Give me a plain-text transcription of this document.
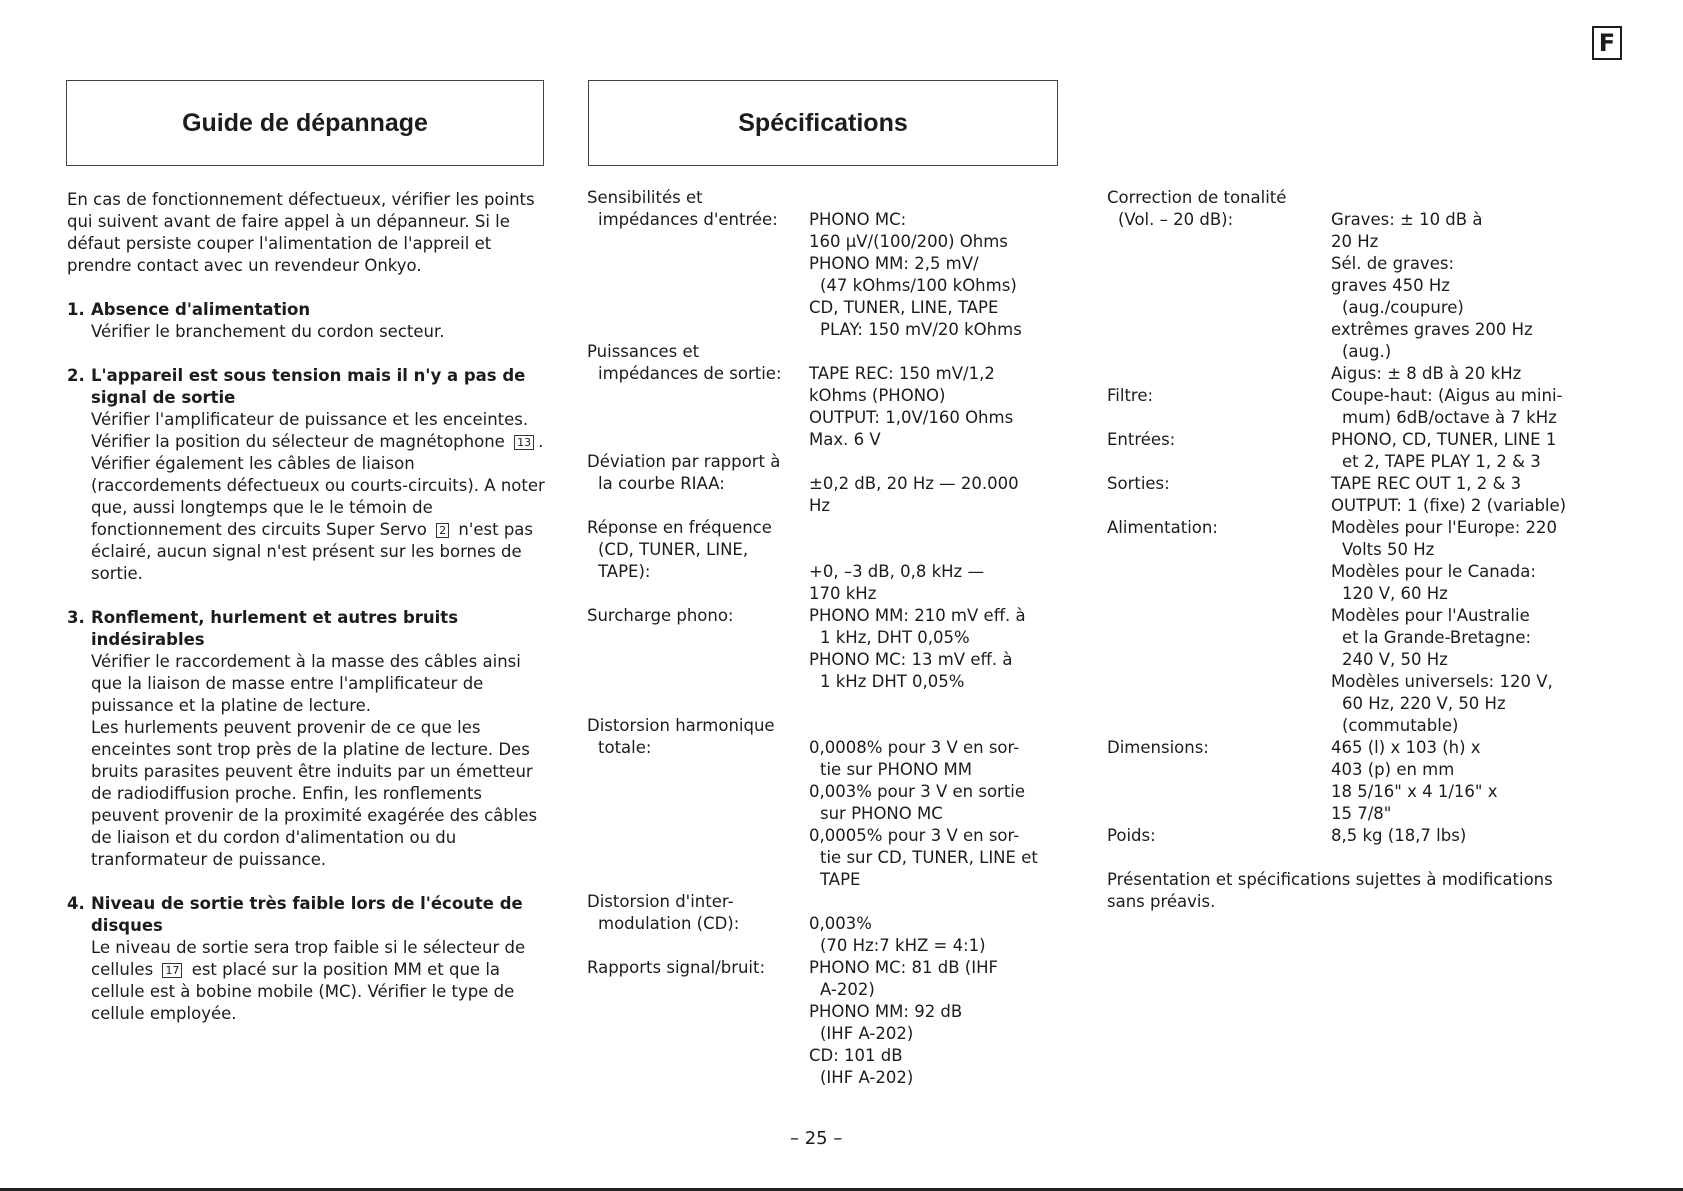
F
Guide de dépannage	Spécifications

En cas de fonctionnement défectueux, vérifier les points qui suivent avant de faire appel à un dépanneur. Si le défaut persiste couper l'alimentation de l'appreil et prendre contact avec un revendeur Onkyo.

1. Absence d'alimentation
Vérifier le branchement du cordon secteur.
2. L'appareil est sous tension mais il n'y a pas de signal de sortie
Vérifier l'amplificateur de puissance et les enceintes.
Vérifier la position du sélecteur de magnétophone 13 . Vérifier également les câbles de liaison (raccordements défectueux ou courts-circuits). A noter que, aussi longtemps que le le témoin de fonctionnement des circuits Super Servo 2 n'est pas éclairé, aucun signal n'est présent sur les bornes de sortie.
3. Ronflement, hurlement et autres bruits indésirables
Vérifier le raccordement à la masse des câbles ainsi que la liaison de masse entre l'amplificateur de puissance et la platine de lecture.
Les hurlements peuvent provenir de ce que les enceintes sont trop près de la platine de lecture. Des bruits parasites peuvent être induits par un émetteur de radiodiffusion proche. Enfin, les ronflements peuvent provenir de la proximité exagérée des câbles de liaison et du cordon d'alimentation ou du tranformateur de puissance.
4. Niveau de sortie très faible lors de l'écoute de disques
Le niveau de sortie sera trop faible si le sélecteur de cellules 17 est placé sur la position MM et que la cellule est à bobine mobile (MC). Vérifier le type de cellule employée.
Sensibilités et
impédances d'entrée:	PHONO MC:
160 µV/(100/200) Ohms
PHONO MM: 2,5 mV/
(47 kOhms/100 kOhms)
CD, TUNER, LINE, TAPE
PLAY: 150 mV/20 kOhms
Puissances et
impédances de sortie:	TAPE REC: 150 mV/1,2
kOhms (PHONO)
OUTPUT: 1,0V/160 Ohms
Max. 6 V
Déviation par rapport à
la courbe RIAA:	±0,2 dB, 20 Hz — 20.000
Hz
Réponse en fréquence
(CD, TUNER, LINE,
TAPE):	+0, –3 dB, 0,8 kHz —
170 kHz
Surcharge phono:	PHONO MM: 210 mV eff. à
1 kHz, DHT 0,05%
PHONO MC: 13 mV eff. à
1 kHz DHT 0,05%
Distorsion harmonique
totale:	0,0008% pour 3 V en sor-
tie sur PHONO MM
0,003% pour 3 V en sortie
sur PHONO MC
0,0005% pour 3 V en sor-
tie sur CD, TUNER, LINE et
TAPE
Distorsion d'inter-
modulation (CD):	0,003%
(70 Hz:7 kHZ = 4:1)
Rapports signal/bruit:	PHONO MC: 81 dB (IHF
A-202)
PHONO MM: 92 dB
(IHF A-202)
CD: 101 dB
(IHF A-202)
Correction de tonalité
(Vol. – 20 dB):	Graves: ± 10 dB à
20 Hz
Sél. de graves:
graves 450 Hz
(aug./coupure)
extrêmes graves 200 Hz
(aug.)
Aigus: ± 8 dB à 20 kHz
Filtre:	Coupe-haut: (Aigus au mini-
mum) 6dB/octave à 7 kHz
Entrées:	PHONO, CD, TUNER, LINE 1
et 2, TAPE PLAY 1, 2 & 3
Sorties:	TAPE REC OUT 1, 2 & 3
OUTPUT: 1 (fixe) 2 (variable)
Alimentation:	Modèles pour l'Europe: 220
Volts 50 Hz
Modèles pour le Canada:
120 V, 60 Hz
Modèles pour l'Australie
et la Grande-Bretagne:
240 V, 50 Hz
Modèles universels: 120 V,
60 Hz, 220 V, 50 Hz
(commutable)
Dimensions:	465 (l) x 103 (h) x
403 (p) en mm
18 5/16" x 4 1/16" x
15 7/8"
Poids:	8,5 kg (18,7 lbs)
Présentation et spécifications sujettes à modifications sans préavis.
– 25 –
